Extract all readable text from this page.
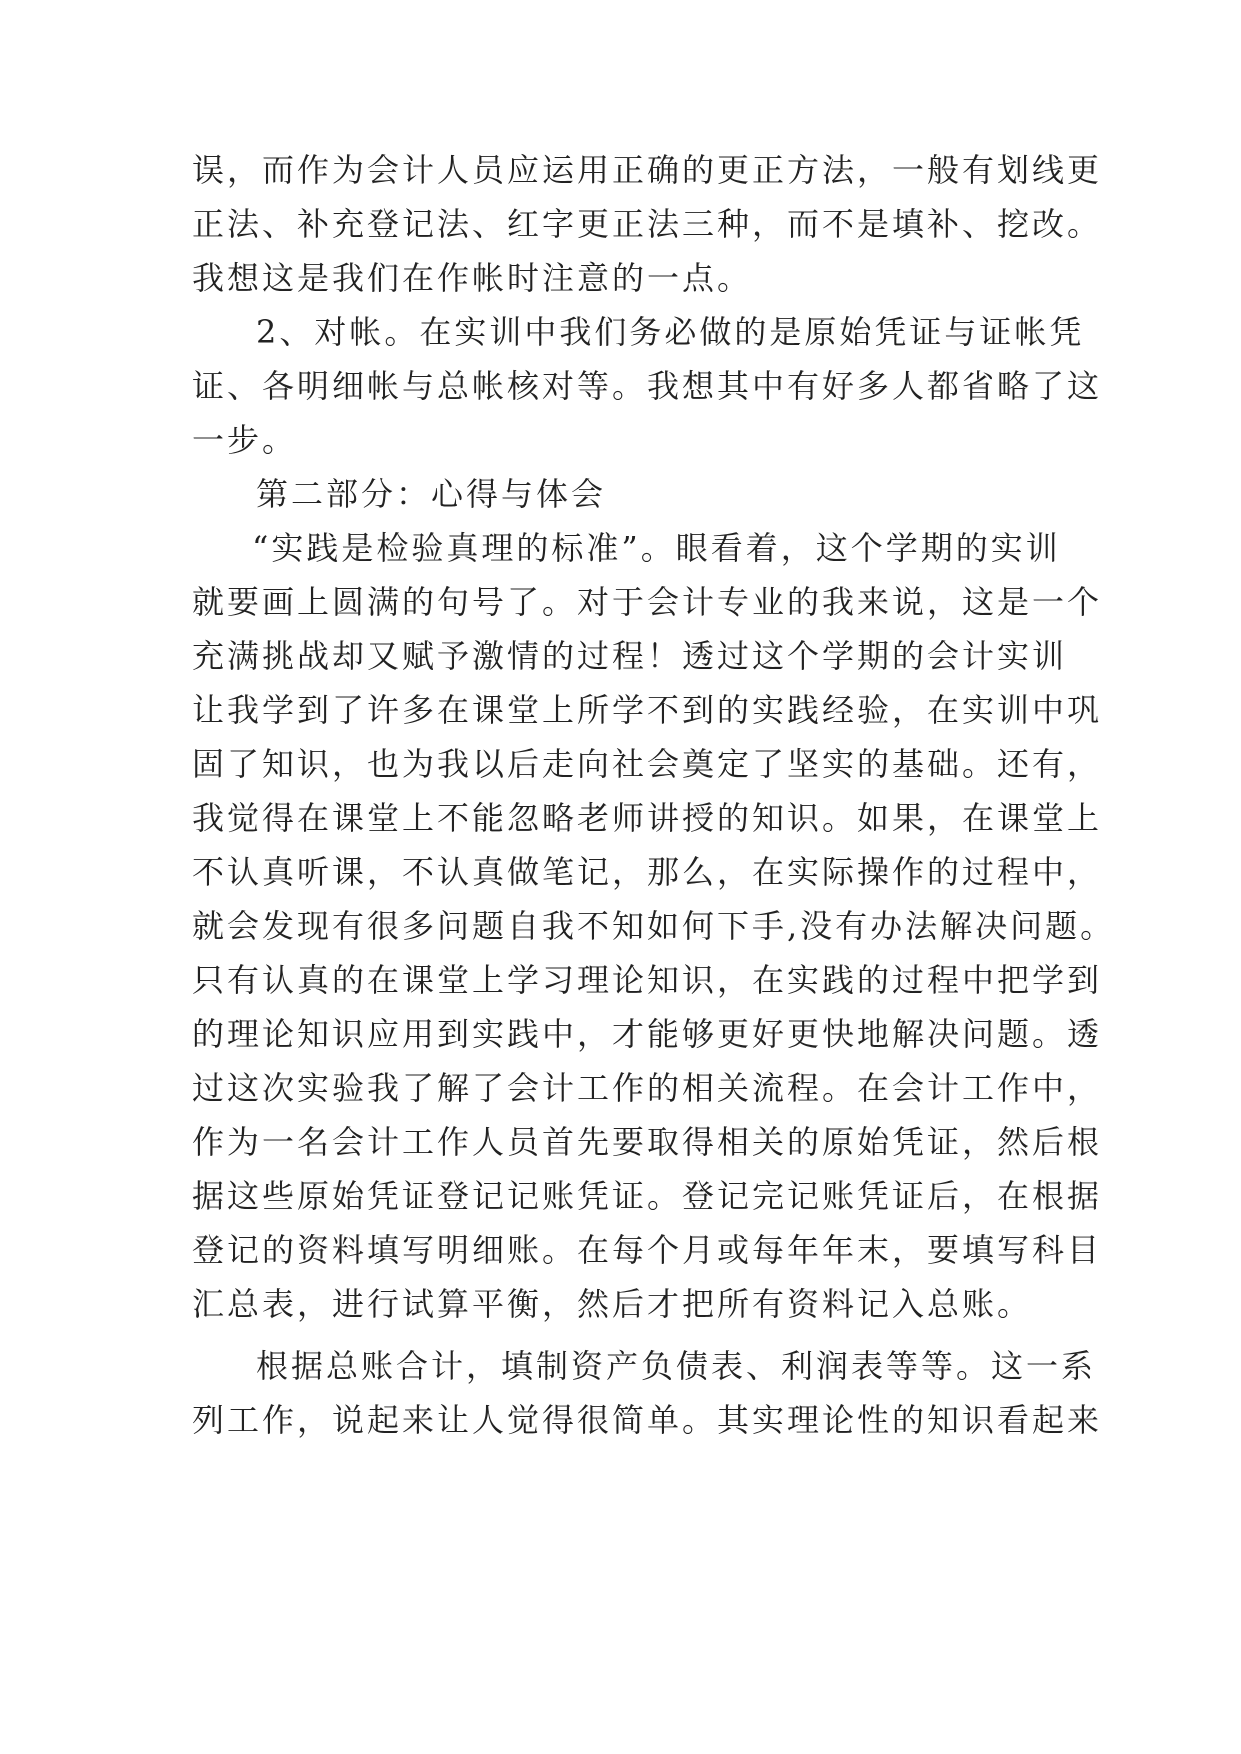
误，而作为会计人员应运用正确的更正方法，一般有划线更
正法、补充登记法、红字更正法三种，而不是填补、挖改。
我想这是我们在作帐时注意的一点。
2、对帐。在实训中我们务必做的是原始凭证与证帐凭
证、各明细帐与总帐核对等。我想其中有好多人都省略了这
一步。
第二部分：心得与体会
“实践是检验真理的标准”。眼看着，这个学期的实训
就要画上圆满的句号了。对于会计专业的我来说，这是一个
充满挑战却又赋予激情的过程！透过这个学期的会计实训
让我学到了许多在课堂上所学不到的实践经验，在实训中巩
固了知识，也为我以后走向社会奠定了坚实的基础。还有，
我觉得在课堂上不能忽略老师讲授的知识。如果，在课堂上
不认真听课，不认真做笔记，那么，在实际操作的过程中，
就会发现有很多问题自我不知如何下手,没有办法解决问题。
只有认真的在课堂上学习理论知识，在实践的过程中把学到
的理论知识应用到实践中，才能够更好更快地解决问题。透
过这次实验我了解了会计工作的相关流程。在会计工作中，
作为一名会计工作人员首先要取得相关的原始凭证，然后根
据这些原始凭证登记记账凭证。登记完记账凭证后，在根据
登记的资料填写明细账。在每个月或每年年末，要填写科目
汇总表，进行试算平衡，然后才把所有资料记入总账。
根据总账合计，填制资产负债表、利润表等等。这一系
列工作，说起来让人觉得很简单。其实理论性的知识看起来
